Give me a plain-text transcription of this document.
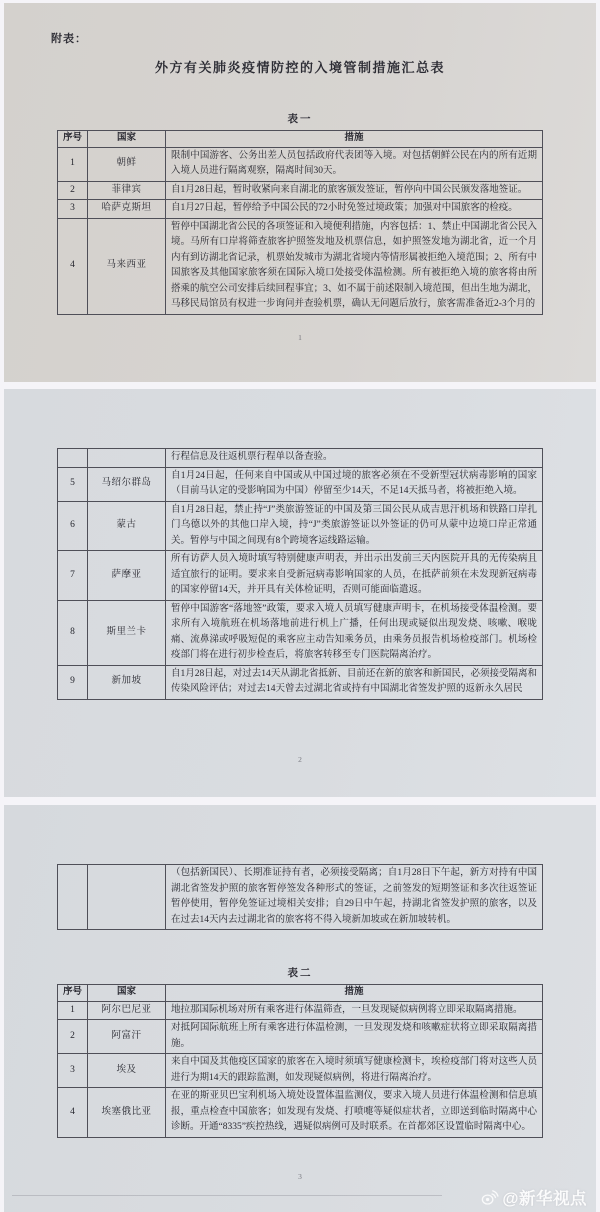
附表：
外方有关肺炎疫情防控的入境管制措施汇总表
表一
序号	国家	措施
1	朝鲜	限制中国游客、公务出差人员包括政府代表团等入境。对包括朝鲜公民在内的所有近期入境人员进行隔离观察，隔离时间30天。
2	菲律宾	自1月28日起，暂时收紧向来自湖北的旅客颁发签证，暂停向中国公民颁发落地签证。
3	哈萨克斯坦	自1月27日起，暂停给予中国公民的72小时免签过境政策；加强对中国旅客的检疫。
4	马来西亚	暂停中国湖北省公民的各项签证和入境便利措施，内容包括：1、禁止中国湖北省公民入境。马所有口岸将筛查旅客护照签发地及机票信息，如护照签发地为湖北省，近一个月内有到访湖北省记录，机票始发城市为湖北省境内等情形属被拒绝入境范围；2、所有中国旅客及其他国家旅客须在国际入境口处接受体温检测。所有被拒绝入境的旅客将由所搭乘的航空公司安排后续回程事宜；3、如不属于前述限制入境范围，但出生地为湖北，马移民局馆员有权进一步询问并查验机票，确认无问题后放行，旅客需准备近2-3个月的
1
		行程信息及往返机票行程单以备查验。
5	马绍尔群岛	自1月24日起，任何来自中国或从中国过境的旅客必须在不受新型冠状病毒影响的国家（目前马认定的受影响国为中国）停留至少14天，不足14天抵马者，将被拒绝入境。
6	蒙古	自1月28日起，禁止持“J”类旅游签证的中国及第三国公民从成吉思汗机场和铁路口岸扎门乌德以外的其他口岸入境，持“J”类旅游签证以外签证的仍可从蒙中边境口岸正常通关。暂停与中国之间现有8个跨境客运线路运输。
7	萨摩亚	所有访萨人员入境时填写特别健康声明表，并出示出发前三天内医院开具的无传染病且适宜旅行的证明。要求来自受新冠病毒影响国家的人员，在抵萨前须在未发现新冠病毒的国家停留14天，并开具有关体检证明，否则可能面临遣返。
8	斯里兰卡	暂停中国游客“落地签”政策，要求入境人员填写健康声明卡，在机场接受体温检测。要求所有入境航班在机场落地前进行机上广播，任何出现或疑似出现发烧、咳嗽、喉咙痛、流鼻涕或呼吸短促的乘客应主动告知乘务员，由乘务员报告机场检疫部门。机场检疫部门将在进行初步检查后，将旅客转移至专门医院隔离治疗。
9	新加坡	自1月28日起，对过去14天从湖北省抵新、目前还在新的旅客和新国民，必须接受隔离和传染风险评估；对过去14天曾去过湖北省或持有中国湖北省签发护照的返新永久居民
2
		（包括新国民）、长期准证持有者，必须接受隔离；自1月28日下午起，新方对持有中国湖北省签发护照的旅客暂停签发各种形式的签证，之前签发的短期签证和多次往返签证暂停使用，暂停免签证过境相关安排；自29日中午起，持湖北省签发护照的旅客，以及在过去14天内去过湖北省的旅客将不得入境新加坡或在新加坡转机。
表二
序号	国家	措施
1	阿尔巴尼亚	地拉那国际机场对所有乘客进行体温筛查，一旦发现疑似病例将立即采取隔离措施。
2	阿富汗	对抵阿国际航班上所有乘客进行体温检测，一旦发现发烧和咳嗽症状将立即采取隔离措施。
3	埃及	来自中国及其他疫区国家的旅客在入境时须填写健康检测卡，埃检疫部门将对这些人员进行为期14天的跟踪监测，如发现疑似病例，将进行隔离治疗。
4	埃塞俄比亚	在亚的斯亚贝巴宝利机场入境处设置体温监测仪，要求入境人员进行体温检测和信息填报，重点检查中国旅客；如发现有发烧、打喷嚏等疑似症状者，立即送到临时隔离中心诊断。开通“8335”疾控热线，遇疑似病例可及时联系。在首都郊区设置临时隔离中心。
3
@新华视点
